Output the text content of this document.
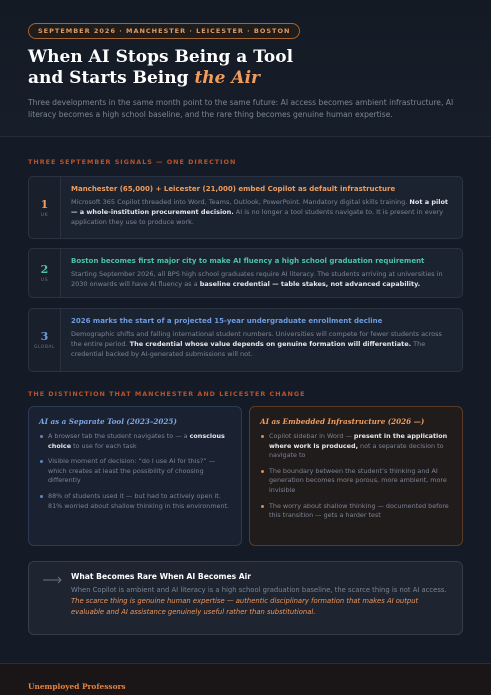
SEPTEMBER 2026 · MANCHESTER · LEICESTER · BOSTON
When AI Stops Being a Tool
and Starts Being the Air

Three developments in the same month point to the same future: AI access becomes ambient infrastructure, AI literacy becomes a high school baseline, and the rare thing becomes genuine human expertise.

THREE SEPTEMBER SIGNALS — ONE DIRECTION
1
UK
Manchester (65,000) + Leicester (21,000) embed Copilot as default infrastructure
Microsoft 365 Copilot threaded into Word, Teams, Outlook, PowerPoint. Mandatory digital skills training. Not a pilot — a whole-institution procurement decision. AI is no longer a tool students navigate to. It is present in every application they use to produce work.
2
US
Boston becomes first major city to make AI fluency a high school graduation requirement
Starting September 2026, all BPS high school graduates require AI literacy. The students arriving at universities in 2030 onwards will have AI fluency as a baseline credential — table stakes, not advanced capability.
3
GLOBAL
2026 marks the start of a projected 15-year undergraduate enrollment decline
Demographic shifts and falling international student numbers. Universities will compete for fewer students across the entire period. The credential whose value depends on genuine formation will differentiate. The credential backed by AI-generated submissions will not.
THE DISTINCTION THAT MANCHESTER AND LEICESTER CHANGE
AI as a Separate Tool (2023–2025)
A browser tab the student navigates to — a conscious choice to use for each task
Visible moment of decision: “do I use AI for this?” — which creates at least the possibility of choosing differently
88% of students used it — but had to actively open it. 81% worried about shallow thinking in this environment.
AI as Embedded Infrastructure (2026 —)
Copilot sidebar in Word — present in the application where work is produced, not a separate decision to navigate to
The boundary between the student’s thinking and AI generation becomes more porous, more ambient, more invisible
The worry about shallow thinking — documented before this transition — gets a harder test
What Becomes Rare When AI Becomes Air
When Copilot is ambient and AI literacy is a high school graduation baseline, the scarce thing is not AI access. The scarce thing is genuine human expertise — authentic disciplinary formation that makes AI output evaluable and AI assistance genuinely useful rather than substitutional.
Unemployed Professors
